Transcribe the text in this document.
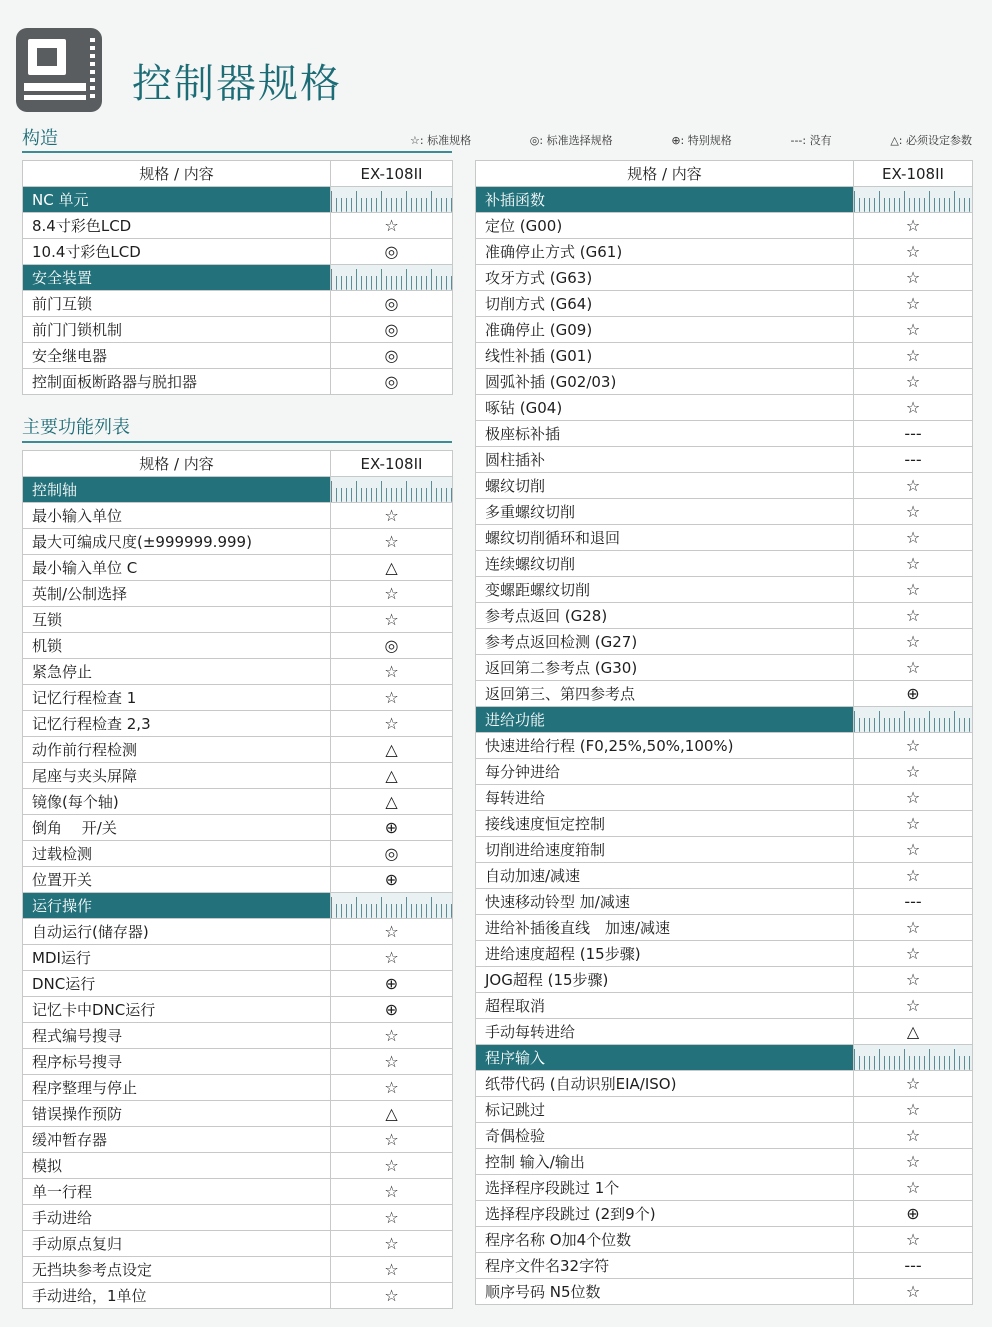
控制器规格
构造	☆: 标准规格	◎: 标准选择规格	⊕: 特别规格	---: 没有	△: 必须设定参数
规格 / 内容	EX-108II
NC 单元	
8.4寸彩色LCD	☆
10.4寸彩色LCD	◎
安全装置	
前门互锁	◎
前门门锁机制	◎
安全继电器	◎
控制面板断路器与脱扣器	◎
主要功能列表
规格 / 内容	EX-108II
控制轴	
最小输入单位	☆
最大可编成尺度(±999999.999)	☆
最小输入单位 C	△
英制/公制选择	☆
互锁	☆
机锁	◎
紧急停止	☆
记忆行程检查 1	☆
记忆行程检查 2,3	☆
动作前行程检测	△
尾座与夹头屏障	△
镜像(每个轴)	△
倒角　 开/关	⊕
过载检测	◎
位置开关	⊕
运行操作	
自动运行(储存器)	☆
MDI运行	☆
DNC运行	⊕
记忆卡中DNC运行	⊕
程式编号搜寻	☆
程序标号搜寻	☆
程序整理与停止	☆
错误操作预防	△
缓冲暂存器	☆
模拟	☆
单一行程	☆
手动进给	☆
手动原点复归	☆
无挡块参考点设定	☆
手动进给，1单位	☆
规格 / 内容	EX-108II
补插函数	
定位 (G00)	☆
准确停止方式 (G61)	☆
攻牙方式 (G63)	☆
切削方式 (G64)	☆
准确停止 (G09)	☆
线性补插 (G01)	☆
圆弧补插 (G02/03)	☆
啄钻 (G04)	☆
极座标补插	---
圆柱插补	---
螺纹切削	☆
多重螺纹切削	☆
螺纹切削循环和退回	☆
连续螺纹切削	☆
变螺距螺纹切削	☆
参考点返回 (G28)	☆
参考点返回检测 (G27)	☆
返回第二参考点 (G30)	☆
返回第三、第四参考点	⊕
进给功能	
快速进给行程 (F0,25%,50%,100%)	☆
每分钟进给	☆
每转进给	☆
接线速度恒定控制	☆
切削进给速度箝制	☆
自动加速/减速	☆
快速移动铃型 加/减速	---
进给补插後直线　加速/减速	☆
进给速度超程 (15步骤)	☆
JOG超程 (15步骤)	☆
超程取消	☆
手动每转进给	△
程序输入	
纸带代码 (自动识别EIA/ISO)	☆
标记跳过	☆
奇偶检验	☆
控制 输入/输出	☆
选择程序段跳过 1个	☆
选择程序段跳过 (2到9个)	⊕
程序名称 O加4个位数	☆
程序文件名32字符	---
顺序号码 N5位数	☆
